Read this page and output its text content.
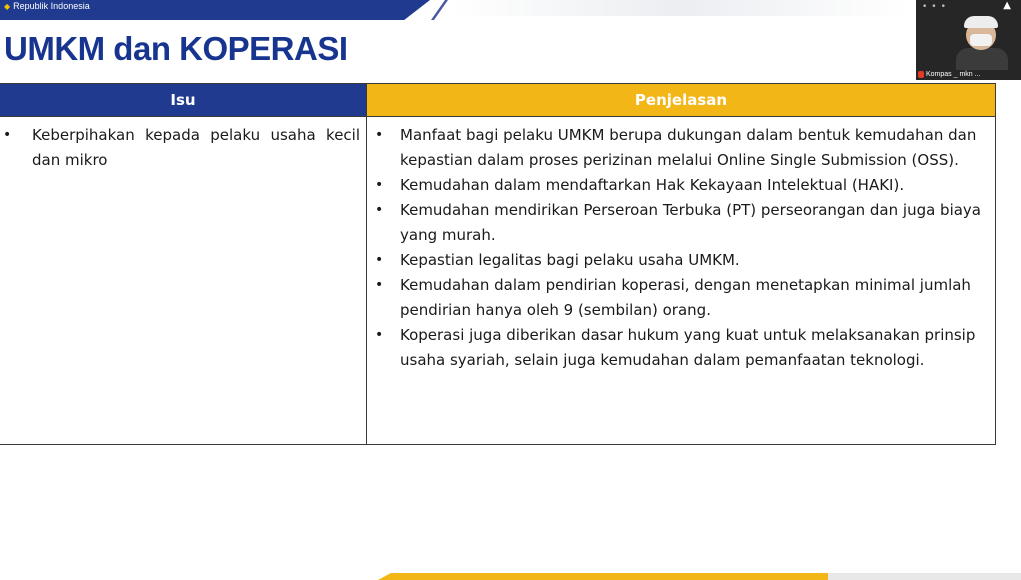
◆ Republik Indonesia
UMKM dan KOPERASI
Isu	Penjelasan
• Keberpihakan kepada pelaku usaha kecil dan mikro
• Manfaat bagi pelaku UMKM berupa dukungan dalam bentuk kemudahan dan kepastian dalam proses perizinan melalui Online Single Submission (OSS).
• Kemudahan dalam mendaftarkan Hak Kekayaan Intelektual (HAKI).
• Kemudahan mendirikan Perseroan Terbuka (PT) perseorangan dan juga biaya yang murah.
• Kepastian legalitas bagi pelaku usaha UMKM.
• Kemudahan dalam pendirian koperasi, dengan menetapkan minimal jumlah pendirian hanya oleh 9 (sembilan) orang.
• Koperasi juga diberikan dasar hukum yang kuat untuk melaksanakan prinsip usaha syariah, selain juga kemudahan dalam pemanfaatan teknologi.
•••	▲
Kompas _ mkn ...
